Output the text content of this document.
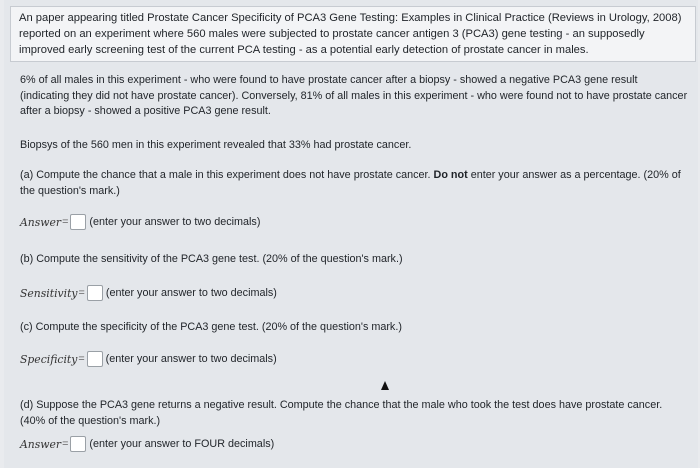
An paper appearing titled Prostate Cancer Specificity of PCA3 Gene Testing: Examples in Clinical Practice (Reviews in Urology, 2008) reported on an experiment where 560 males were subjected to prostate cancer antigen 3 (PCA3) gene testing - an supposedly improved early screening test of the current PCA testing - as a potential early detection of prostate cancer in males.
6% of all males in this experiment - who were found to have prostate cancer after a biopsy - showed a negative PCA3 gene result (indicating they did not have prostate cancer). Conversely, 81% of all males in this experiment - who were found not to have prostate cancer after a biopsy - showed a positive PCA3 gene result.
Biopsys of the 560 men in this experiment revealed that 33% had prostate cancer.
(a) Compute the chance that a male in this experiment does not have prostate cancer. Do not enter your answer as a percentage. (20% of the question's mark.)
Answer = (enter your answer to two decimals)
(b) Compute the sensitivity of the PCA3 gene test. (20% of the question's mark.)
Sensitivity = (enter your answer to two decimals)
(c) Compute the specificity of the PCA3 gene test. (20% of the question's mark.)
Specificity = (enter your answer to two decimals)
(d) Suppose the PCA3 gene returns a negative result. Compute the chance that the male who took the test does have prostate cancer. (40% of the question's mark.)
Answer = (enter your answer to FOUR decimals)
